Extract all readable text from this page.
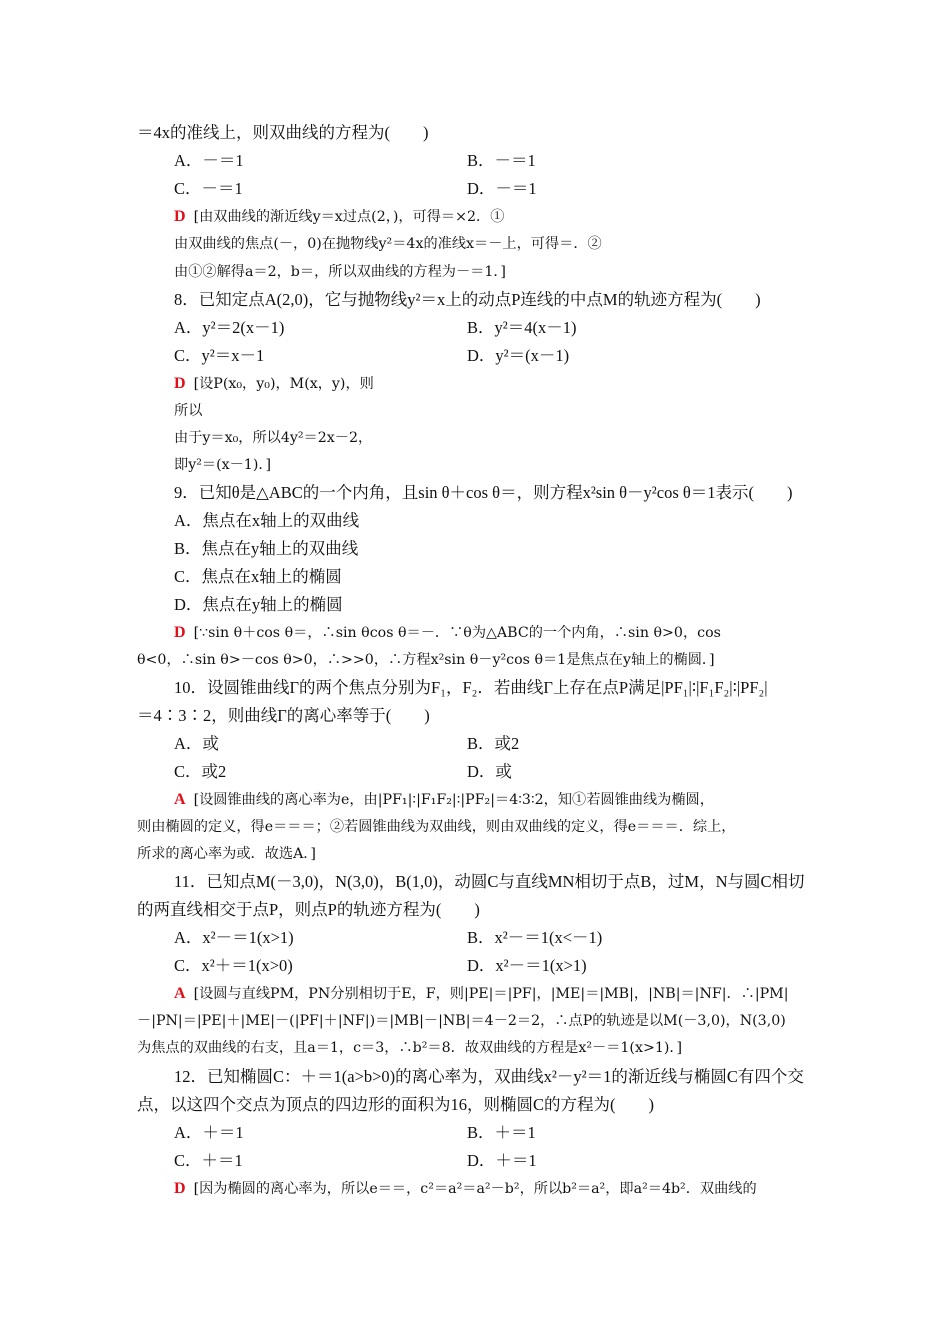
＝4x的准线上，则双曲线的方程为(　　)
A．－＝1	B．－＝1
C．－＝1	D．－＝1
D [由双曲线的渐近线y＝x过点(2，)，可得＝×2．①
由双曲线的焦点(－，0)在抛物线y²＝4x的准线x＝－上，可得＝．②
由①②解得a＝2，b＝，所以双曲线的方程为－＝1．]
8．已知定点A(2,0)，它与抛物线y²＝x上的动点P连线的中点M的轨迹方程为(　　)
A．y²＝2(x－1)	B．y²＝4(x－1)
C．y²＝x－1	D．y²＝(x－1)
D [设P(x₀，y₀)，M(x，y)，则
所以
由于y＝x₀，所以4y²＝2x－2，
即y²＝(x－1)．]
9．已知θ是△ABC的一个内角，且sin θ＋cos θ＝，则方程x²sin θ－y²cos θ＝1表示(　　)
A．焦点在x轴上的双曲线
B．焦点在y轴上的双曲线
C．焦点在x轴上的椭圆
D．焦点在y轴上的椭圆
D [∵sin θ＋cos θ＝，∴sin θcos θ＝－．∵θ为△ABC的一个内角，∴sin θ>0，cos
θ<0，∴sin θ>－cos θ>0，∴>>0，∴方程x²sin θ－y²cos θ＝1是焦点在y轴上的椭圆．]
10．设圆锥曲线Γ的两个焦点分别为F₁，F₂．若曲线Γ上存在点P满足|PF₁|∶|F₁F₂|∶|PF₂|
＝4∶3∶2，则曲线Γ的离心率等于(　　)
A．或	B．或2
C．或2	D．或
A [设圆锥曲线的离心率为e，由|PF₁|∶|F₁F₂|∶|PF₂|＝4∶3∶2，知①若圆锥曲线为椭圆，
则由椭圆的定义，得e＝＝＝；②若圆锥曲线为双曲线，则由双曲线的定义，得e＝＝＝．综上，
所求的离心率为或．故选A．]
11．已知点M(－3,0)，N(3,0)，B(1,0)，动圆C与直线MN相切于点B，过M，N与圆C相切
的两直线相交于点P，则点P的轨迹方程为(　　)
A．x²－＝1(x>1)	B．x²－＝1(x<－1)
C．x²＋＝1(x>0)	D．x²－＝1(x>1)
A [设圆与直线PM，PN分别相切于E，F，则|PE|＝|PF|，|ME|＝|MB|，|NB|＝|NF|．∴|PM|
－|PN|＝|PE|＋|ME|－(|PF|＋|NF|)＝|MB|－|NB|＝4－2＝2，∴点P的轨迹是以M(－3,0)，N(3,0)
为焦点的双曲线的右支，且a＝1，c＝3，∴b²＝8．故双曲线的方程是x²－＝1(x>1)．]
12．已知椭圆C：＋＝1(a>b>0)的离心率为，双曲线x²－y²＝1的渐近线与椭圆C有四个交
点，以这四个交点为顶点的四边形的面积为16，则椭圆C的方程为(　　)
A．＋＝1	B．＋＝1
C．＋＝1	D．＋＝1
D [因为椭圆的离心率为，所以e＝＝，c²＝a²＝a²－b²，所以b²＝a²，即a²＝4b²．双曲线的
